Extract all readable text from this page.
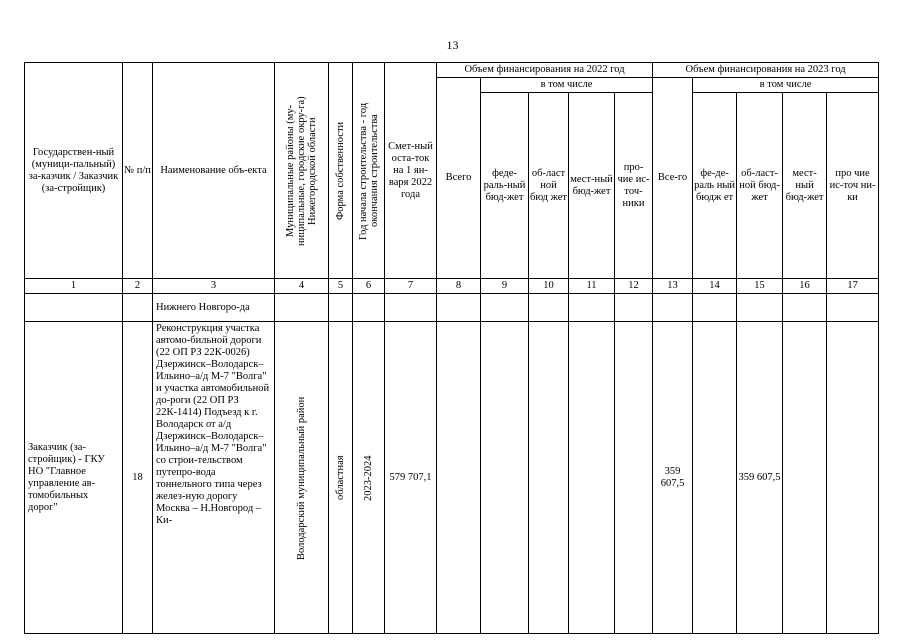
13
Государствен-ный (муници-пальный) за-казчик / Заказчик (за-стройщик)	№ п/п	Наименование объ-екта	Муниципальные районы (му-ниципальные, городские окру-га) Нижегородской области	Форма собственности	Год начала строительства - год окончания строительства	Смет-ный оста-ток на 1 ян-варя 2022 года	Объем финансирования на 2022 год					Объем финансирования на 2023 год				
							Всего	в том числе				Все-го	в том числе			
								феде-раль-ный бюд-жет	об-ласт ной бюд жет	мест-ный бюд-жет	про-чие ис-точ-ники		фе-де-раль ный бюдж ет	об-ласт-ной бюд-жет	мест-ный бюд-жет	про чие ис-точ ни-ки
1	2	3	4	5	6	7	8	9	10	11	12	13	14	15	16	17
		Нижнего Новгоро-да														
Заказчик (за-стройщик) - ГКУ НО "Главное управление ав-томобильных дорог"	18	Реконструкция участка автомо-бильной дороги (22 ОП РЗ 22К-0026) Дзержинск–Володарск–Ильино–а/д М-7 "Волга" и участка автомобильной до-роги (22 ОП РЗ 22К-1414) Подъезд к г. Володарск от а/д Дзержинск–Володарск–Ильино–а/д М-7 "Волга" со строи-тельством путепро-вода тоннельного типа через желез-ную дорогу Москва – Н.Новгород – Ки-	Володарский муниципальный район	областная	2023-2024	579 707,1						359 607,5		359 607,5		
